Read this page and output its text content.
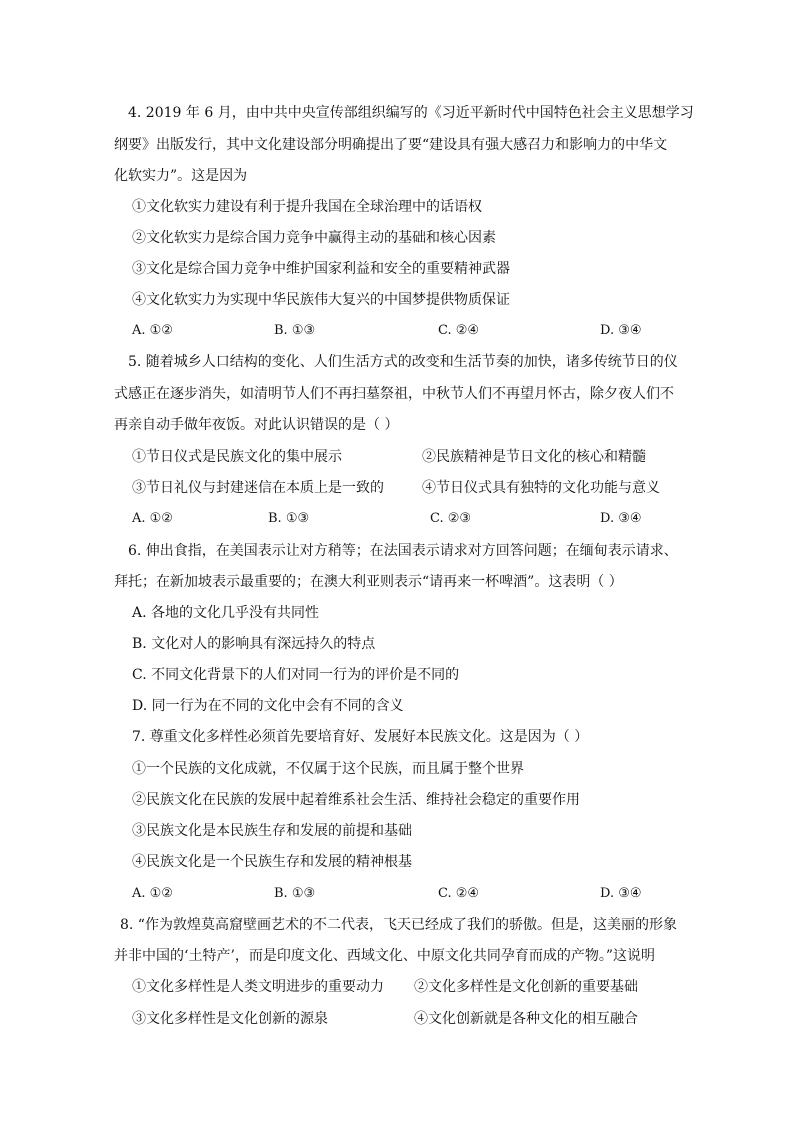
4. 2019 年 6 月，由中共中央宣传部组织编写的《习近平新时代中国特色社会主义思想学习
纲要》出版发行，其中文化建设部分明确提出了要“建设具有强大感召力和影响力的中华文
化软实力”。这是因为
①文化软实力建设有利于提升我国在全球治理中的话语权
②文化软实力是综合国力竞争中赢得主动的基础和核心因素
③文化是综合国力竞争中维护国家利益和安全的重要精神武器
④文化软实力为实现中华民族伟大复兴的中国梦提供物质保证
A. ①②	B. ①③	C. ②④	D. ③④
5. 随着城乡人口结构的变化、人们生活方式的改变和生活节奏的加快，诸多传统节日的仪
式感正在逐步消失，如清明节人们不再扫墓祭祖，中秋节人们不再望月怀古，除夕夜人们不
再亲自动手做年夜饭。对此认识错误的是（ ）
①节日仪式是民族文化的集中展示	②民族精神是节日文化的核心和精髓
③节日礼仪与封建迷信在本质上是一致的	④节日仪式具有独特的文化功能与意义
A. ①②	B. ①③	C. ②③	D. ③④
6. 伸出食指，在美国表示让对方稍等；在法国表示请求对方回答问题；在缅甸表示请求、
拜托；在新加坡表示最重要的；在澳大利亚则表示“请再来一杯啤酒”。这表明（ ）
A. 各地的文化几乎没有共同性
B. 文化对人的影响具有深远持久的特点
C. 不同文化背景下的人们对同一行为的评价是不同的
D. 同一行为在不同的文化中会有不同的含义
7. 尊重文化多样性必须首先要培育好、发展好本民族文化。这是因为（ ）
①一个民族的文化成就，不仅属于这个民族，而且属于整个世界
②民族文化在民族的发展中起着维系社会生活、维持社会稳定的重要作用
③民族文化是本民族生存和发展的前提和基础
④民族文化是一个民族生存和发展的精神根基
A. ①②	B. ①③	C. ②④	D. ③④
8. “作为敦煌莫高窟壁画艺术的不二代表，飞天已经成了我们的骄傲。但是，这美丽的形象
并非中国的‘土特产’，而是印度文化、西域文化、中原文化共同孕育而成的产物。”这说明
①文化多样性是人类文明进步的重要动力 ②文化多样性是文化创新的重要基础
③文化多样性是文化创新的源泉	④文化创新就是各种文化的相互融合
